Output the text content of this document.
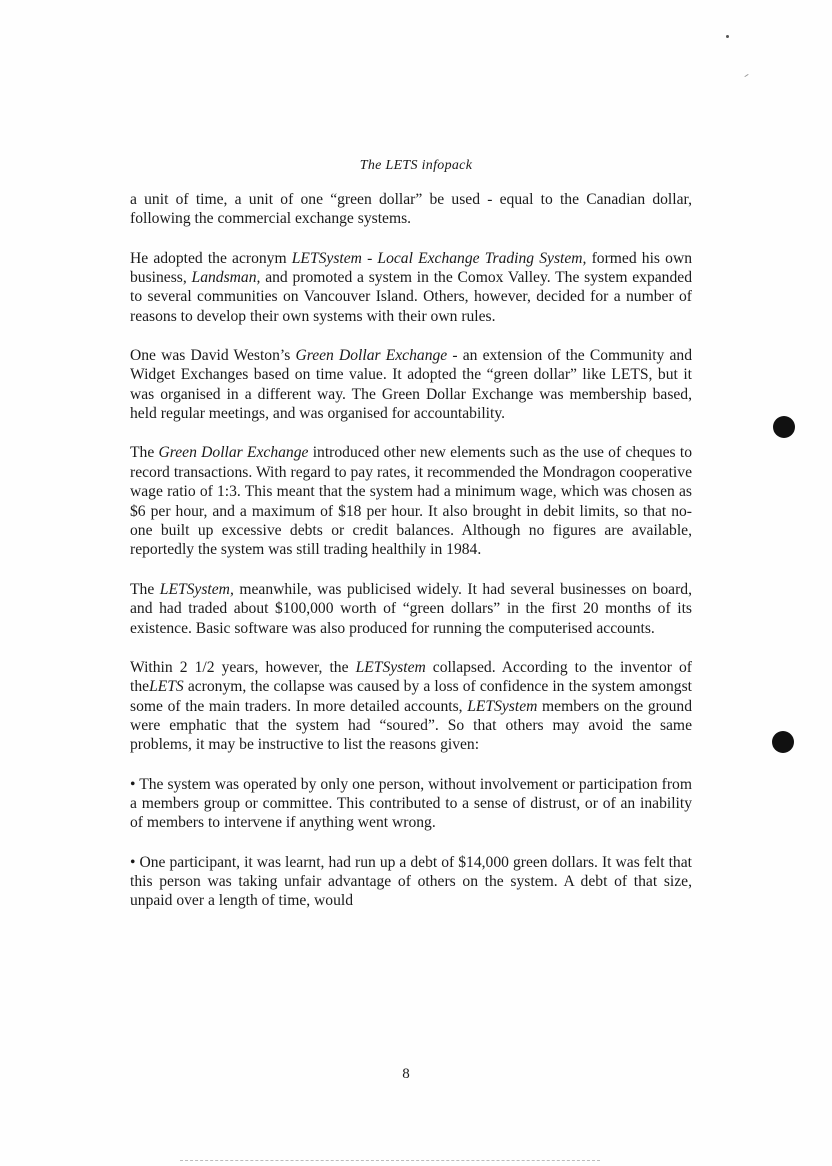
The LETS infopack

a unit of time, a unit of one “green dollar” be used - equal to the Canadian dollar, following the commercial exchange systems.

He adopted the acronym LETSystem - Local Exchange Trading System, formed his own business, Landsman, and promoted a system in the Comox Valley. The system expanded to several communities on Vancouver Island. Others, however, decided for a number of reasons to develop their own systems with their own rules.

One was David Weston’s Green Dollar Exchange - an extension of the Community and Widget Exchanges based on time value. It adopted the “green dollar” like LETS, but it was organised in a different way. The Green Dollar Exchange was membership based, held regular meetings, and was organised for accountability.

The Green Dollar Exchange introduced other new elements such as the use of cheques to record transactions. With regard to pay rates, it recommended the Mondragon cooperative wage ratio of 1:3. This meant that the system had a minimum wage, which was chosen as $6 per hour, and a maximum of $18 per hour. It also brought in debit limits, so that no-one built up excessive debts or credit balances. Although no figures are available, reportedly the system was still trading healthily in 1984.

The LETSystem, meanwhile, was publicised widely. It had several businesses on board, and had traded about $100,000 worth of “green dollars” in the first 20 months of its existence. Basic software was also produced for running the computerised accounts.

Within 2 1/2 years, however, the LETSystem collapsed. According to the inventor of theLETS acronym, the collapse was caused by a loss of confidence in the system amongst some of the main traders. In more detailed accounts, LETSystem members on the ground were emphatic that the system had “soured”. So that others may avoid the same problems, it may be instructive to list the reasons given:

• The system was operated by only one person, without involvement or participation from a members group or committee. This contributed to a sense of distrust, or of an inability of members to intervene if anything went wrong.

• One participant, it was learnt, had run up a debt of $14,000 green dollars. It was felt that this person was taking unfair advantage of others on the system. A debt of that size, unpaid over a length of time, would

8
